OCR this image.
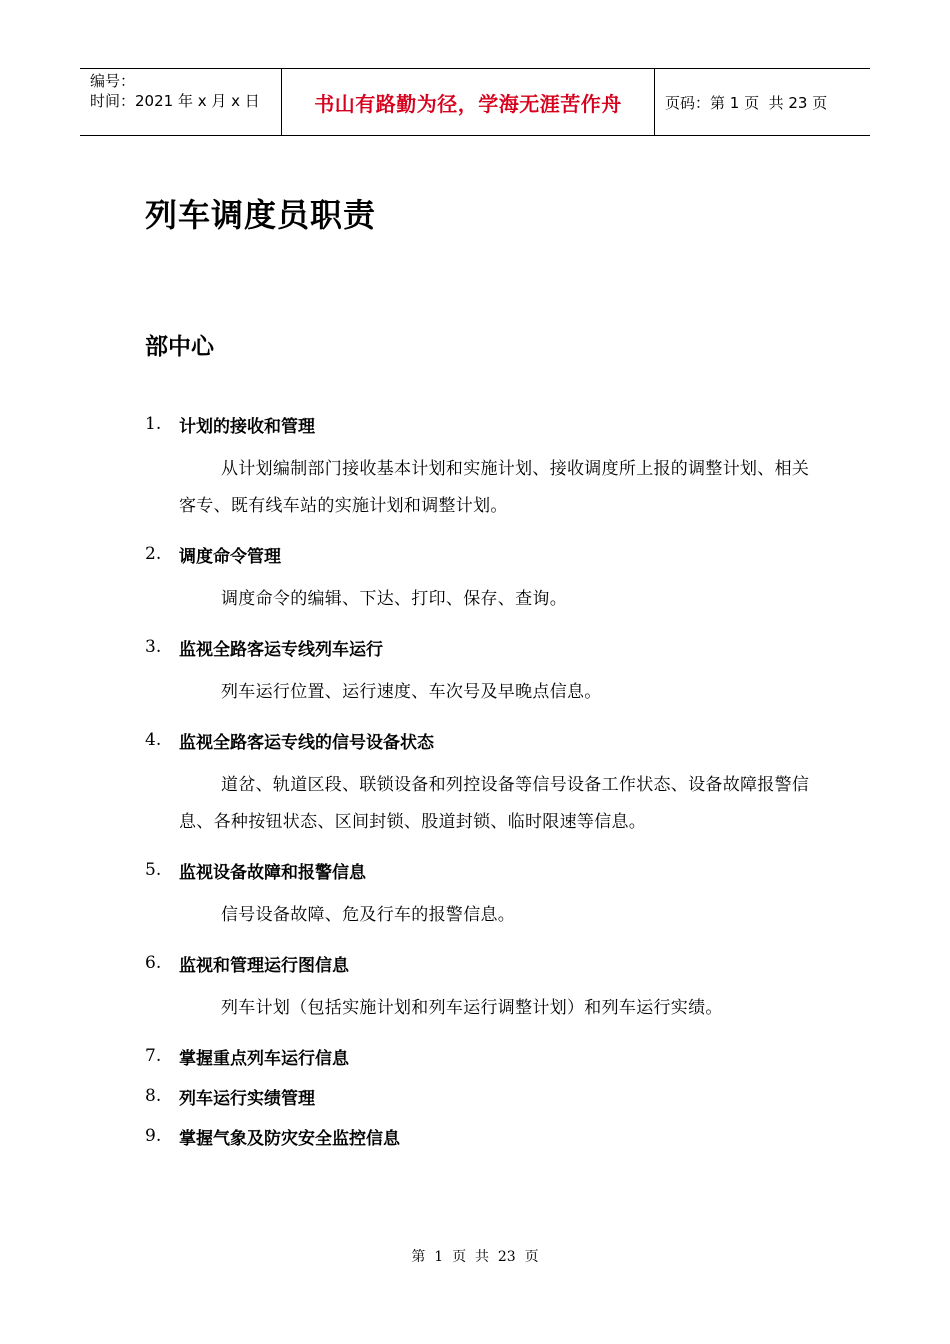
编号：
时间：2021 年 x 月 x 日	书山有路勤为径，学海无涯苦作舟	页码：第 1 页  共 23 页
列车调度员职责
部中心
1.	计划的接收和管理

从计划编制部门接收基本计划和实施计划、接收调度所上报的调整计划、相关客专、既有线车站的实施计划和调整计划。

2.	调度命令管理

调度命令的编辑、下达、打印、保存、查询。

3.	监视全路客运专线列车运行

列车运行位置、运行速度、车次号及早晚点信息。

4.	监视全路客运专线的信号设备状态

道岔、轨道区段、联锁设备和列控设备等信号设备工作状态、设备故障报警信息、各种按钮状态、区间封锁、股道封锁、临时限速等信息。

5.	监视设备故障和报警信息

信号设备故障、危及行车的报警信息。

6.	监视和管理运行图信息

列车计划（包括实施计划和列车运行调整计划）和列车运行实绩。

7.	掌握重点列车运行信息
8.	列车运行实绩管理
9.	掌握气象及防灾安全监控信息
第  1  页  共  23  页
